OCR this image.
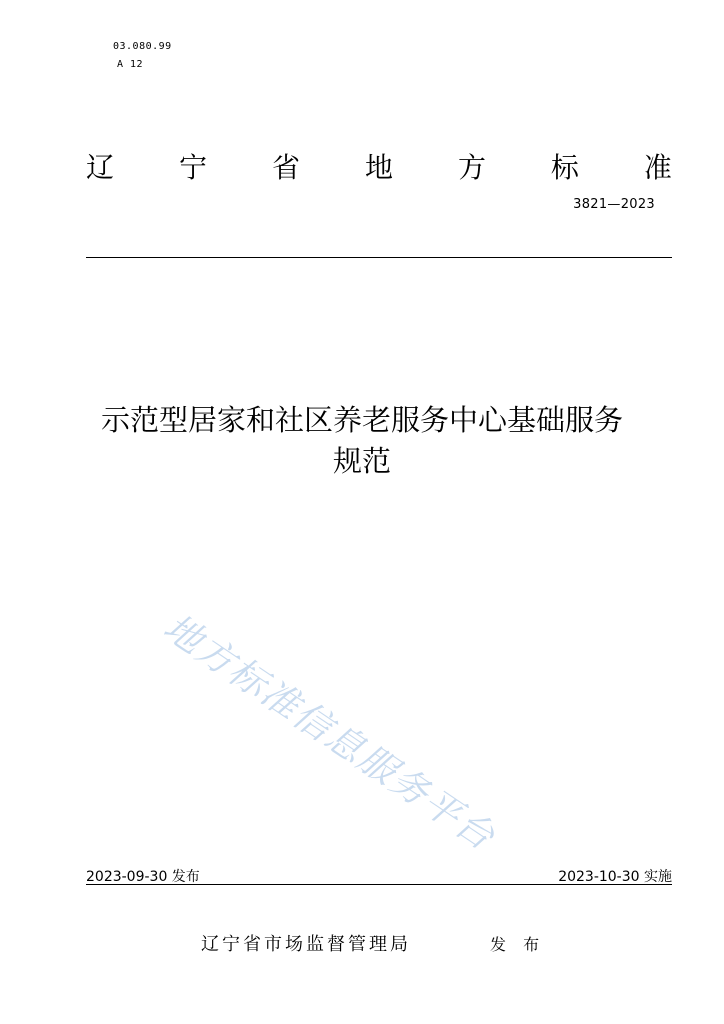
03.080.99
A 12
辽 宁 省 地 方 标 准
3821—2023
示范型居家和社区养老服务中心基础服务
规范
地方标准信息服务平台
2023-09-30 发布	2023-10-30 实施
辽宁省市场监督管理局	发 布
